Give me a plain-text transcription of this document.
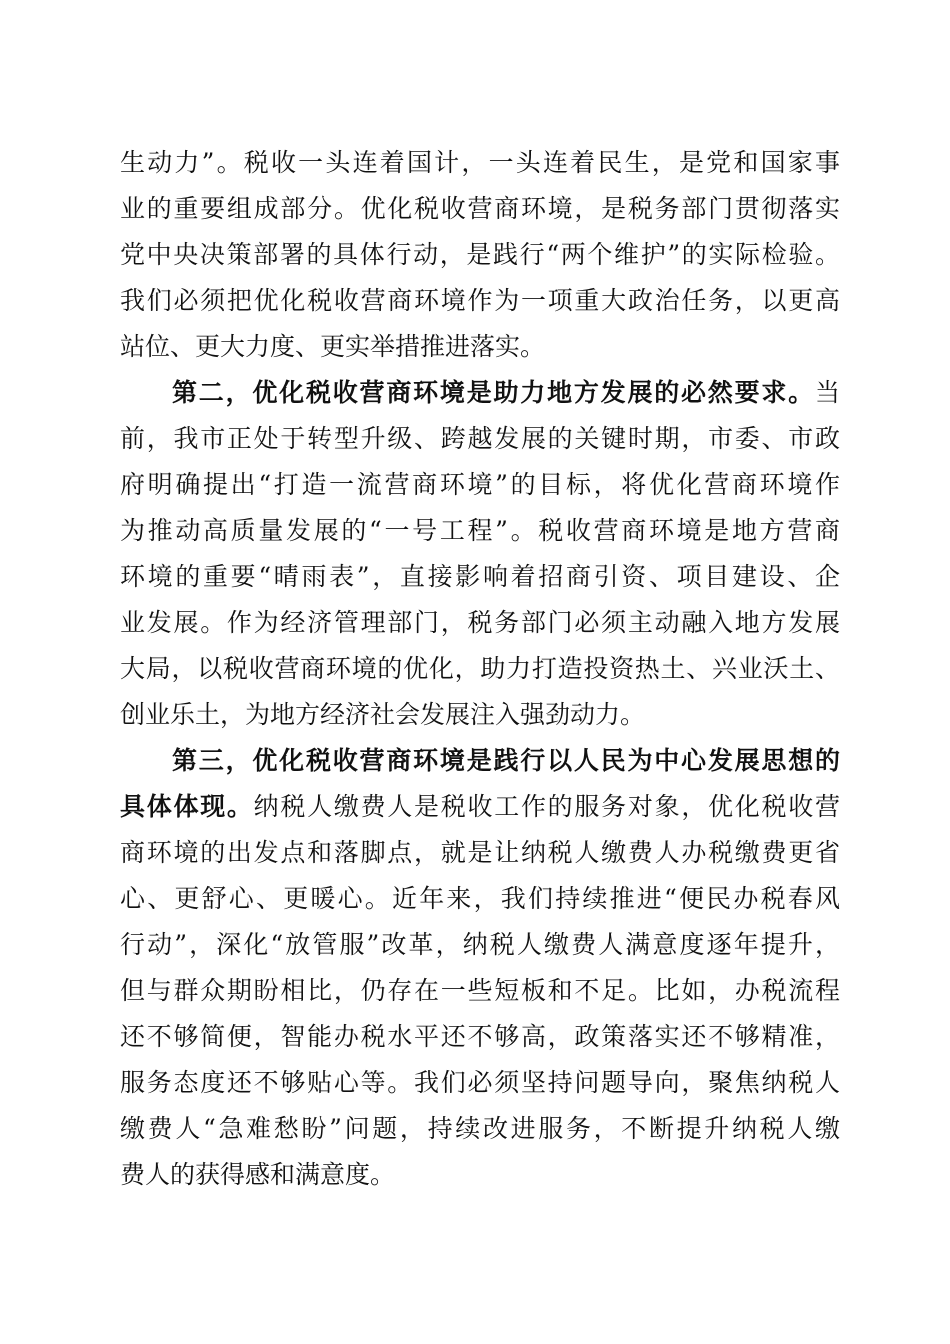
生动力”。税收一头连着国计，一头连着民生，是党和国家事
业的重要组成部分。优化税收营商环境，是税务部门贯彻落实
党中央决策部署的具体行动，是践行“两个维护”的实际检验。
我们必须把优化税收营商环境作为一项重大政治任务，以更高
站位、更大力度、更实举措推进落实。
第二，优化税收营商环境是助力地方发展的必然要求。当
前，我市正处于转型升级、跨越发展的关键时期，市委、市政
府明确提出“打造一流营商环境”的目标，将优化营商环境作
为推动高质量发展的“一号工程”。税收营商环境是地方营商
环境的重要“晴雨表”，直接影响着招商引资、项目建设、企
业发展。作为经济管理部门，税务部门必须主动融入地方发展
大局，以税收营商环境的优化，助力打造投资热土、兴业沃土、
创业乐土，为地方经济社会发展注入强劲动力。
第三，优化税收营商环境是践行以人民为中心发展思想的
具体体现。纳税人缴费人是税收工作的服务对象，优化税收营
商环境的出发点和落脚点，就是让纳税人缴费人办税缴费更省
心、更舒心、更暖心。近年来，我们持续推进“便民办税春风
行动”，深化“放管服”改革，纳税人缴费人满意度逐年提升，
但与群众期盼相比，仍存在一些短板和不足。比如，办税流程
还不够简便，智能办税水平还不够高，政策落实还不够精准，
服务态度还不够贴心等。我们必须坚持问题导向，聚焦纳税人
缴费人“急难愁盼”问题，持续改进服务，不断提升纳税人缴
费人的获得感和满意度。
